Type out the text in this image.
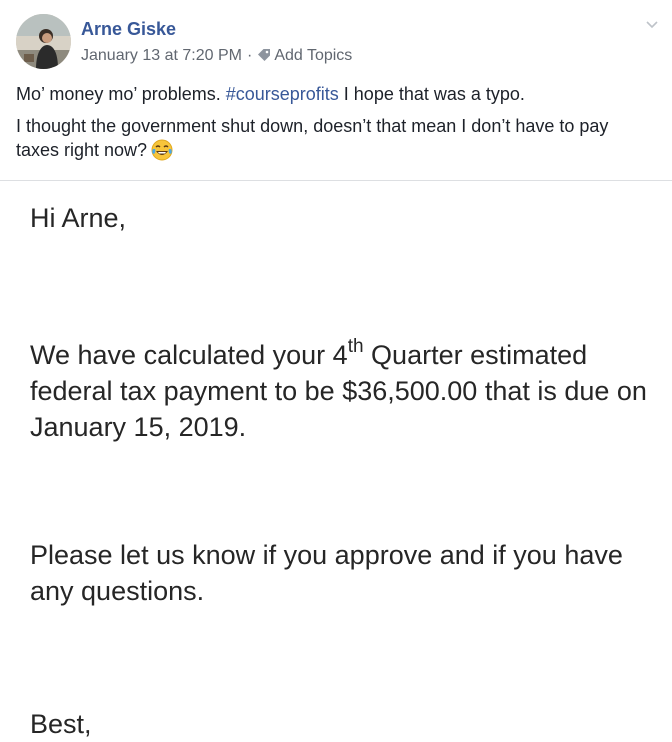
Arne Giske
January 13 at 7:20 PM · Add Topics

Mo’ money mo’ problems. #courseprofits I hope that was a typo.

I thought the government shut down, doesn’t that mean I don’t have to pay taxes right now?

Hi Arne,

We have calculated your 4th Quarter estimated federal tax payment to be $36,500.00 that is due on January 15, 2019.

Please let us know if you approve and if you have any questions.

Best,
